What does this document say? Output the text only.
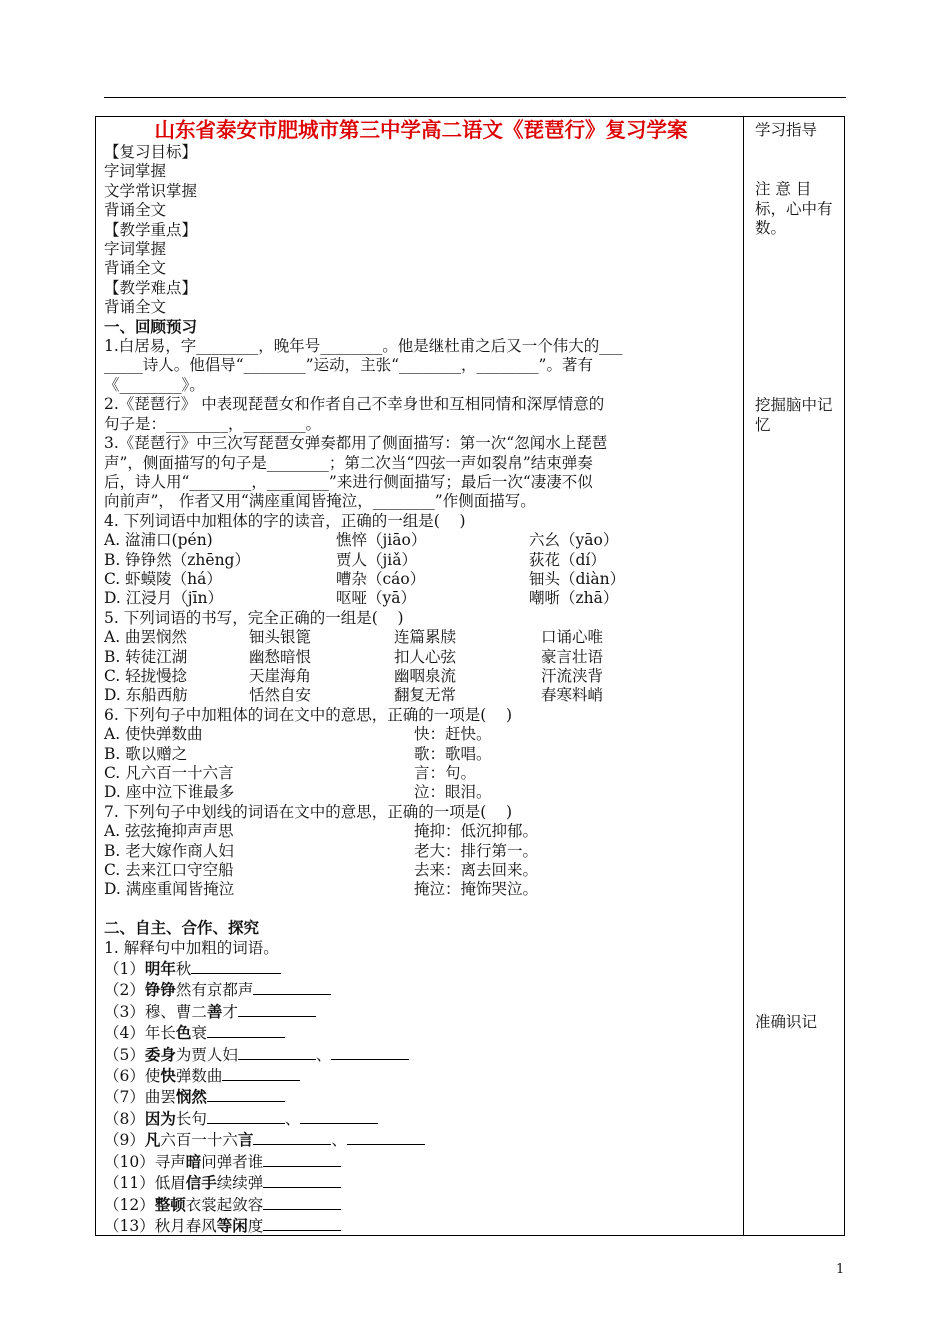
山东省泰安市肥城市第三中学高二语文《琵琶行》复习学案
【复习目标】
字词掌握
文学常识掌握
背诵全文
【教学重点】
字词掌握
背诵全文
【教学难点】
背诵全文
一、回顾预习
1.白居易，字________，晚年号________。他是继杜甫之后又一个伟大的___
_____诗人。他倡导“________”运动，主张“________，________”。著有
《________》。
2.《琵琶行》 中表现琵琶女和作者自己不幸身世和互相同情和深厚情意的
句子是：________，________。
3.《琵琶行》中三次写琵琶女弹奏都用了侧面描写：第一次“忽闻水上琵琶
声”，侧面描写的句子是________；第二次当“四弦一声如裂帛”结束弹奏
后，诗人用“________，________”来进行侧面描写；最后一次“凄凄不似
向前声”， 作者又用“满座重闻皆掩泣，________”作侧面描写。
4. 下列词语中加粗体的字的读音，正确的一组是(    )
A. 湓浦口(pén)	憔悴（jiāo）	六幺（yāo）
B. 铮铮然（zhēng）	贾人（jiǎ）	荻花（dí）
C. 虾蟆陵（há）	嘈杂（cáo）	钿头（diàn）
D. 江浸月（jīn）	呕哑（yā）	嘲哳（zhā）
5. 下列词语的书写，完全正确的一组是(    )
A. 曲罢悯然	钿头银篦	连篇累牍	口诵心唯
B. 转徒江湖	幽愁暗恨	扣人心弦	豪言壮语
C. 轻拢慢捻	天崖海角	幽咽泉流	汗流浃背
D. 东船西舫	恬然自安	翻复无常	春寒料峭
6. 下列句子中加粗体的词在文中的意思，正确的一项是(    )
A. 使快弹数曲	快：赶快。
B. 歌以赠之	歌：歌唱。
C. 凡六百一十六言	言：句。
D. 座中泣下谁最多	泣：眼泪。
7. 下列句子中划线的词语在文中的意思，正确的一项是(    )
A. 弦弦掩抑声声思	掩抑：低沉抑郁。
B. 老大嫁作商人妇	老大：排行第一。
C. 去来江口守空船	去来：离去回来。
D. 满座重闻皆掩泣	掩泣：掩饰哭泣。
二、自主、合作、探究
1. 解释句中加粗的词语。
（1）明年秋
（2）铮铮然有京都声
（3）穆、曹二善才
（4）年长色衰
（5）委身为贾人妇	、
（6）使快弹数曲
（7）曲罢悯然
（8）因为长句	、
（9）凡六百一十六言	、
（10）寻声暗问弹者谁
（11）低眉信手续续弹
（12）整顿衣裳起敛容
（13）秋月春风等闲度
学习指导
注 意 目标，心中有数。
挖掘脑中记忆
准确识记
1
